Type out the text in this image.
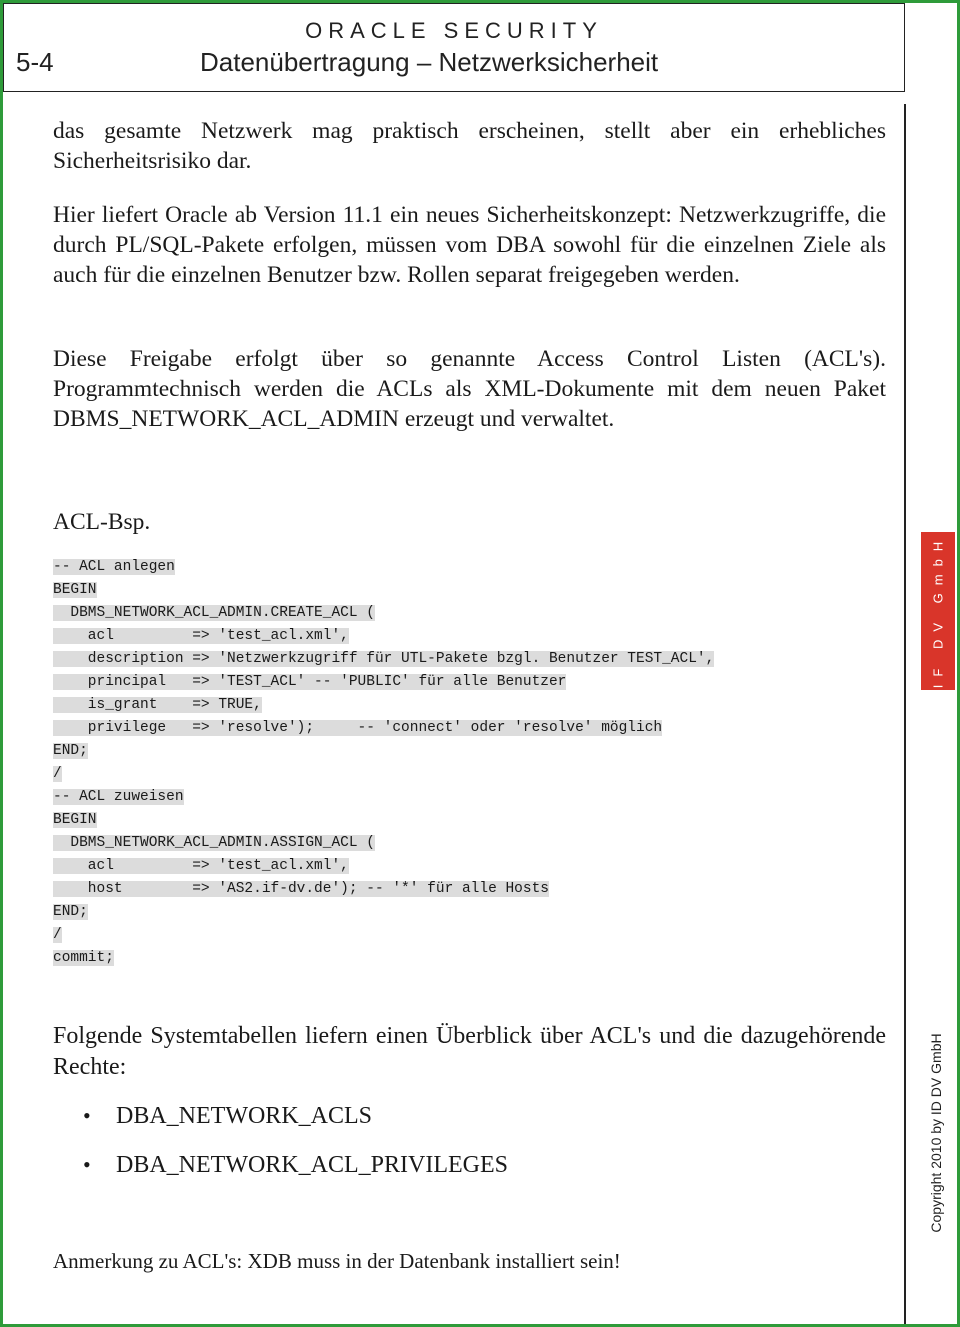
ORACLE SECURITY
5-4	Datenübertragung – Netzwerksicherheit
IF DV GmbH
Copyright 2010 by ID DV GmbH

das gesamte Netzwerk mag praktisch erscheinen, stellt aber ein erhebliches Sicherheitsrisiko dar.

Hier liefert Oracle ab Version 11.1 ein neues Sicherheitskonzept: Netzwerkzugriffe, die durch PL/SQL-Pakete erfolgen, müssen vom DBA sowohl für die einzelnen Ziele als auch für die einzelnen Benutzer bzw. Rollen separat freigegeben werden.

Diese Freigabe erfolgt über so genannte Access Control Listen (ACL's). Programmtechnisch werden die ACLs als XML-Dokumente mit dem neuen Paket DBMS_NETWORK_ACL_ADMIN erzeugt und verwaltet.

ACL-Bsp.

-- ACL anlegen
BEGIN
DBMS_NETWORK_ACL_ADMIN.CREATE_ACL (
acl         => 'test_acl.xml',
description => 'Netzwerkzugriff für UTL-Pakete bzgl. Benutzer TEST_ACL',
principal   => 'TEST_ACL' -- 'PUBLIC' für alle Benutzer
is_grant    => TRUE,
privilege   => 'resolve');     -- 'connect' oder 'resolve' möglich
END;
/
-- ACL zuweisen
BEGIN
DBMS_NETWORK_ACL_ADMIN.ASSIGN_ACL (
acl         => 'test_acl.xml',
host        => 'AS2.if-dv.de'); -- '*' für alle Hosts
END;
/
commit;

Folgende Systemtabellen liefern einen Überblick über ACL's und die dazugehörende Rechte:

• DBA_NETWORK_ACLS
• DBA_NETWORK_ACL_PRIVILEGES

Anmerkung zu ACL's: XDB muss in der Datenbank installiert sein!
